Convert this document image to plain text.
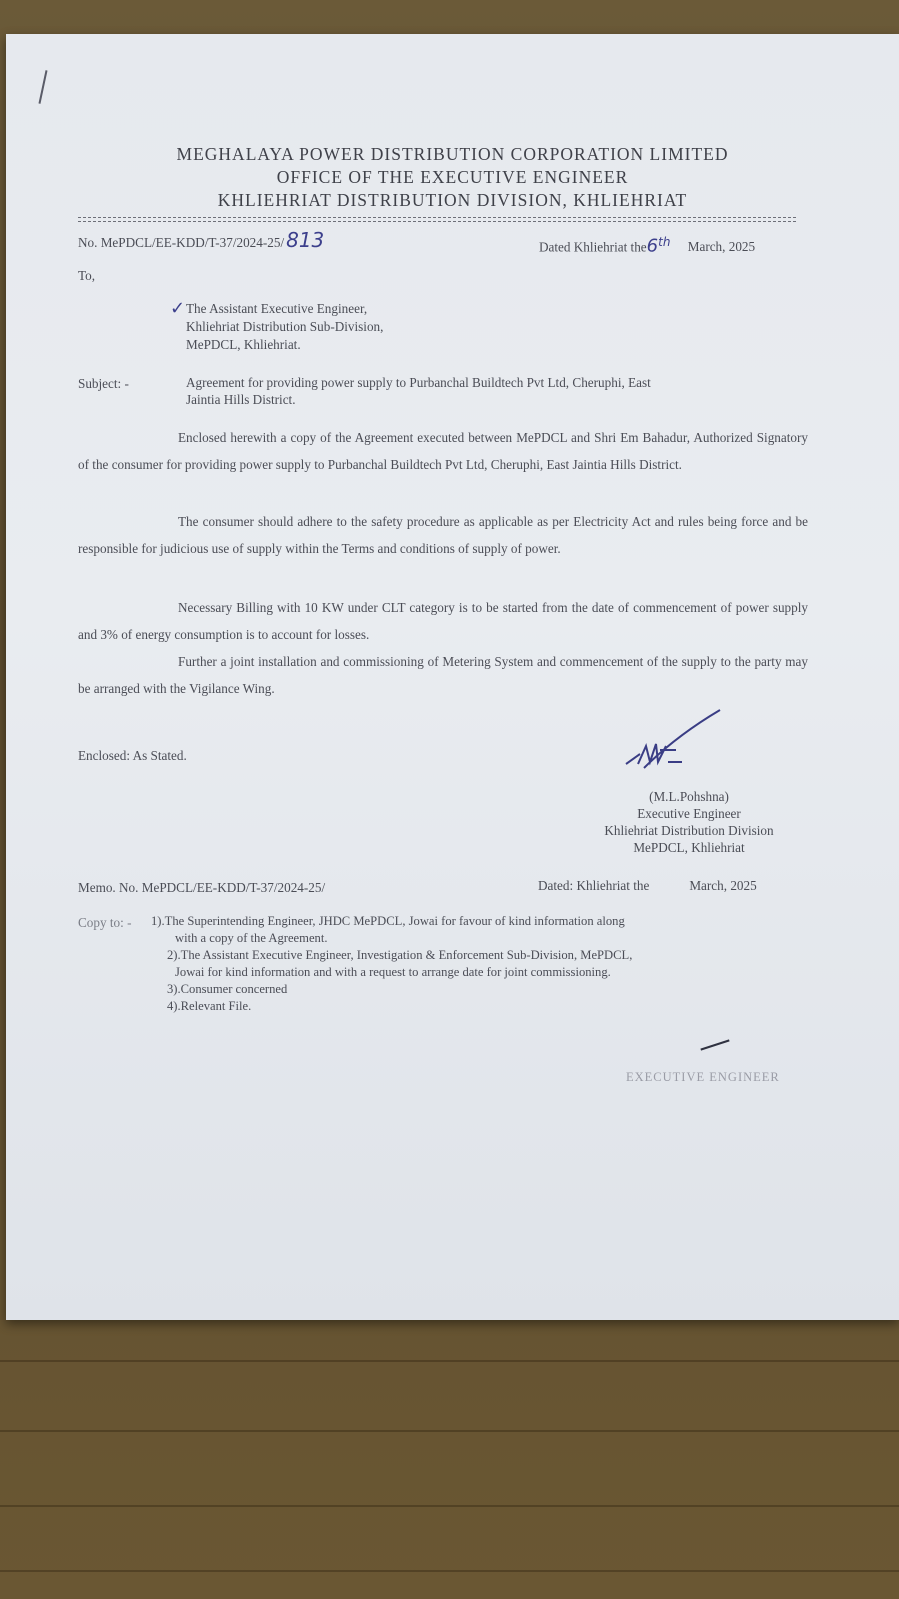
MEGHALAYA POWER DISTRIBUTION CORPORATION LIMITED
OFFICE OF THE EXECUTIVE ENGINEER
KHLIEHRIAT DISTRIBUTION DIVISION, KHLIEHRIAT
No. MePDCL/EE-KDD/T-37/2024-25/ 813	Dated Khliehriat the6th March, 2025
To,
✓ The Assistant Executive Engineer,
Khliehriat Distribution Sub-Division,
MePDCL, Khliehriat.
Subject: -	Agreement for providing power supply to Purbanchal Buildtech Pvt Ltd, Cheruphi, East
Jaintia Hills District.
Enclosed herewith a copy of the Agreement executed between MePDCL and Shri Em Bahadur, Authorized Signatory of the consumer for providing power supply to Purbanchal Buildtech Pvt Ltd, Cheruphi, East Jaintia Hills District.
The consumer should adhere to the safety procedure as applicable as per Electricity Act and rules being force and be responsible for judicious use of supply within the Terms and conditions of supply of power.
Necessary Billing with 10 KW under CLT category is to be started from the date of commencement of power supply and 3% of energy consumption is to account for losses.
Further a joint installation and commissioning of Metering System and commencement of the supply to the party may be arranged with the Vigilance Wing.
Enclosed: As Stated.
(M.L.Pohshna)
Executive Engineer
Khliehriat Distribution Division
MePDCL, Khliehriat
Memo. No. MePDCL/EE-KDD/T-37/2024-25/	Dated: Khliehriat the	March, 2025
Copy to: - 1).The Superintending Engineer, JHDC MePDCL, Jowai for favour of kind information along
with a copy of the Agreement.
2).The Assistant Executive Engineer, Investigation & Enforcement Sub-Division, MePDCL,
Jowai for kind information and with a request to arrange date for joint commissioning.
3).Consumer concerned
4).Relevant File.
EXECUTIVE ENGINEER
